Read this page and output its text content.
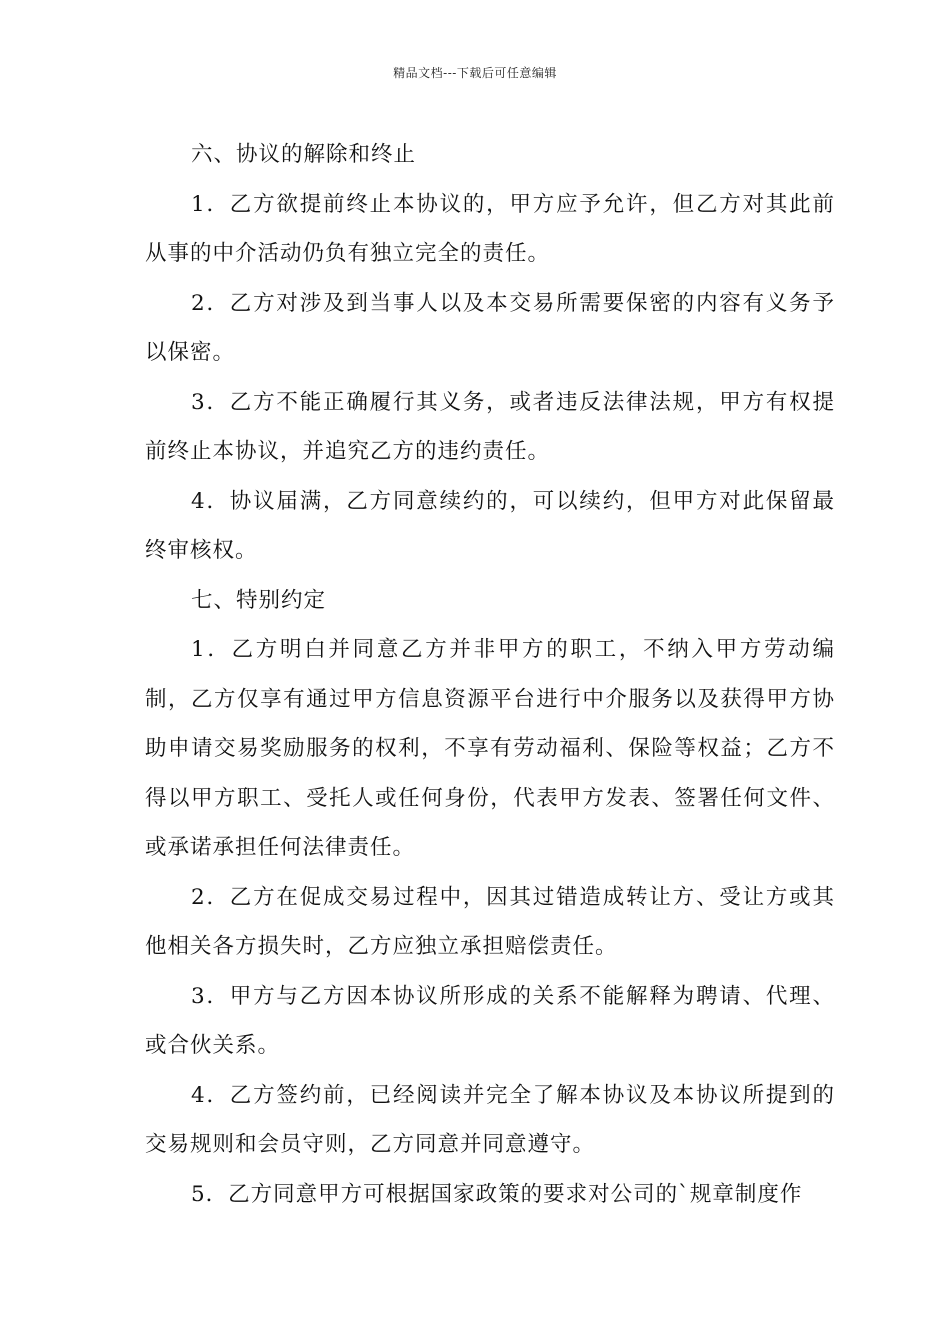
精品文档---下载后可任意编辑

六、协议的解除和终止

1．乙方欲提前终止本协议的，甲方应予允许，但乙方对其此前从事的中介活动仍负有独立完全的责任。

2．乙方对涉及到当事人以及本交易所需要保密的内容有义务予以保密。

3．乙方不能正确履行其义务，或者违反法律法规，甲方有权提前终止本协议，并追究乙方的违约责任。

4．协议届满，乙方同意续约的，可以续约，但甲方对此保留最终审核权。

七、特别约定

1．乙方明白并同意乙方并非甲方的职工，不纳入甲方劳动编制，乙方仅享有通过甲方信息资源平台进行中介服务以及获得甲方协助申请交易奖励服务的权利，不享有劳动福利、保险等权益；乙方不得以甲方职工、受托人或任何身份，代表甲方发表、签署任何文件、或承诺承担任何法律责任。

2．乙方在促成交易过程中，因其过错造成转让方、受让方或其他相关各方损失时，乙方应独立承担赔偿责任。

3．甲方与乙方因本协议所形成的关系不能解释为聘请、代理、或合伙关系。

4．乙方签约前，已经阅读并完全了解本协议及本协议所提到的交易规则和会员守则，乙方同意并同意遵守。

5．乙方同意甲方可根据国家政策的要求对公司的`规章制度作
